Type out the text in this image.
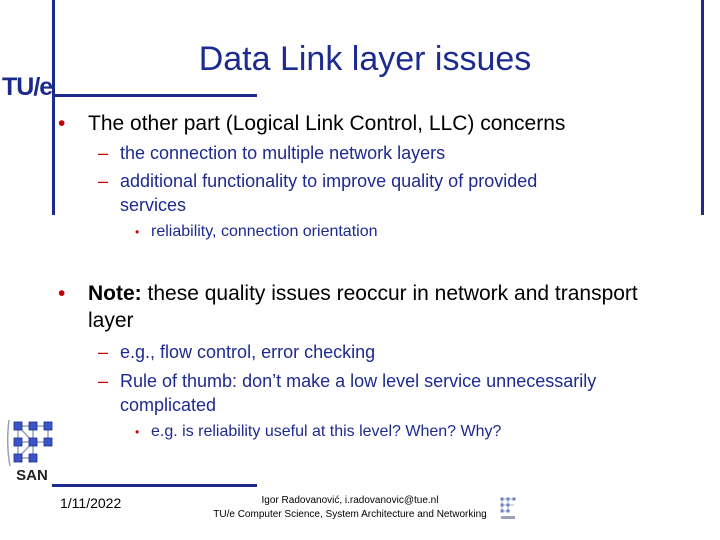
TU/e
Data Link layer issues
• The other part (Logical Link Control, LLC) concerns
– the connection to multiple network layers
– additional functionality to improve quality of provided services
• reliability, connection orientation
• Note: these quality issues reoccur in network and transport layer
– e.g., flow control, error checking
– Rule of thumb: don’t make a low level service unnecessarily complicated
• e.g. is reliability useful at this level? When? Why?
SAN
1/11/2022	Igor Radovanović, i.radovanovic@tue.nl
TU/e Computer Science, System Architecture and Networking
